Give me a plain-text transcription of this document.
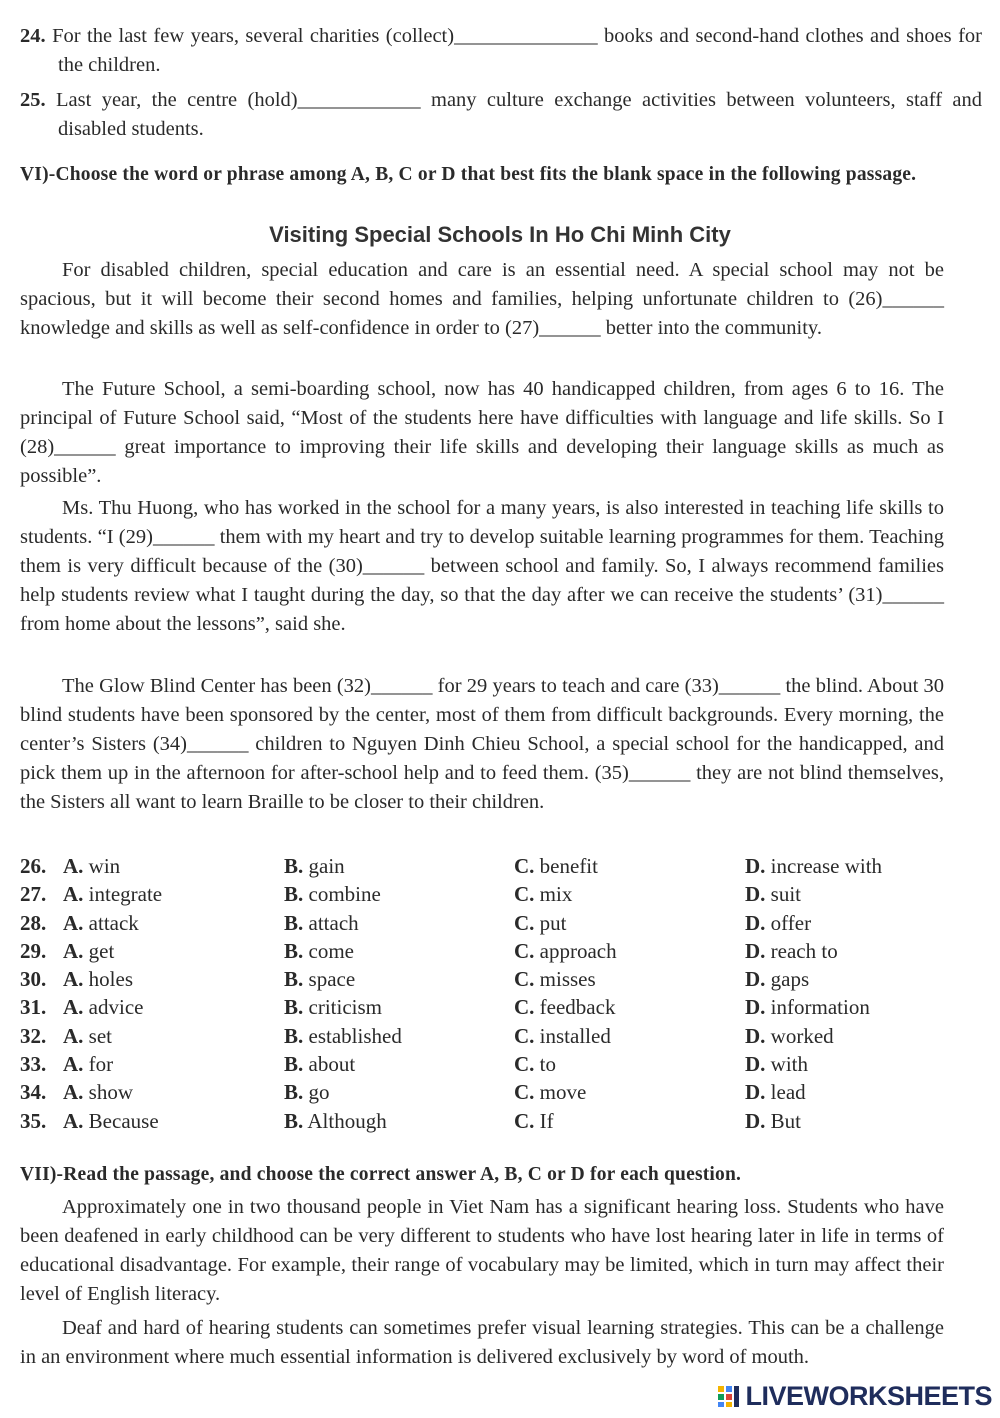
24. For the last few years, several charities (collect)______________ books and second-hand clothes and shoes for the children.
25. Last year, the centre (hold)____________ many culture exchange activities between volunteers, staff and disabled students.
VI)-Choose the word or phrase among A, B, C or D that best fits the blank space in the following passage.
Visiting Special Schools In Ho Chi Minh City
For disabled children, special education and care is an essential need. A special school may not be spacious, but it will become their second homes and families, helping unfortunate children to (26)______ knowledge and skills as well as self-confidence in order to (27)______ better into the community.
The Future School, a semi-boarding school, now has 40 handicapped children, from ages 6 to 16. The principal of Future School said, “Most of the students here have difficulties with language and life skills. So I (28)______ great importance to improving their life skills and developing their language skills as much as possible”.
Ms. Thu Huong, who has worked in the school for a many years, is also interested in teaching life skills to students. “I (29)______ them with my heart and try to develop suitable learning programmes for them. Teaching them is very difficult because of the (30)______ between school and family. So, I always recommend families help students review what I taught during the day, so that the day after we can receive the students’ (31)______ from home about the lessons”, said she.
The Glow Blind Center has been (32)______ for 29 years to teach and care (33)______ the blind. About 30 blind students have been sponsored by the center, most of them from difficult backgrounds. Every morning, the center’s Sisters (34)______ children to Nguyen Dinh Chieu School, a special school for the handicapped, and pick them up in the afternoon for after-school help and to feed them. (35)______ they are not blind themselves, the Sisters all want to learn Braille to be closer to their children.
26. A. win	B. gain	C. benefit	D. increase with
27. A. integrate	B. combine	C. mix	D. suit
28. A. attack	B. attach	C. put	D. offer
29. A. get	B. come	C. approach	D. reach to
30. A. holes	B. space	C. misses	D. gaps
31. A. advice	B. criticism	C. feedback	D. information
32. A. set	B. established	C. installed	D. worked
33. A. for	B. about	C. to	D. with
34. A. show	B. go	C. move	D. lead
35. A. Because	B. Although	C. If	D. But
VII)-Read the passage, and choose the correct answer A, B, C or D for each question.
Approximately one in two thousand people in Viet Nam has a significant hearing loss. Students who have been deafened in early childhood can be very different to students who have lost hearing later in life in terms of educational disadvantage. For example, their range of vocabulary may be limited, which in turn may affect their level of English literacy.
Deaf and hard of hearing students can sometimes prefer visual learning strategies. This can be a challenge in an environment where much essential information is delivered exclusively by word of mouth.
LIVEWORKSHEETS
